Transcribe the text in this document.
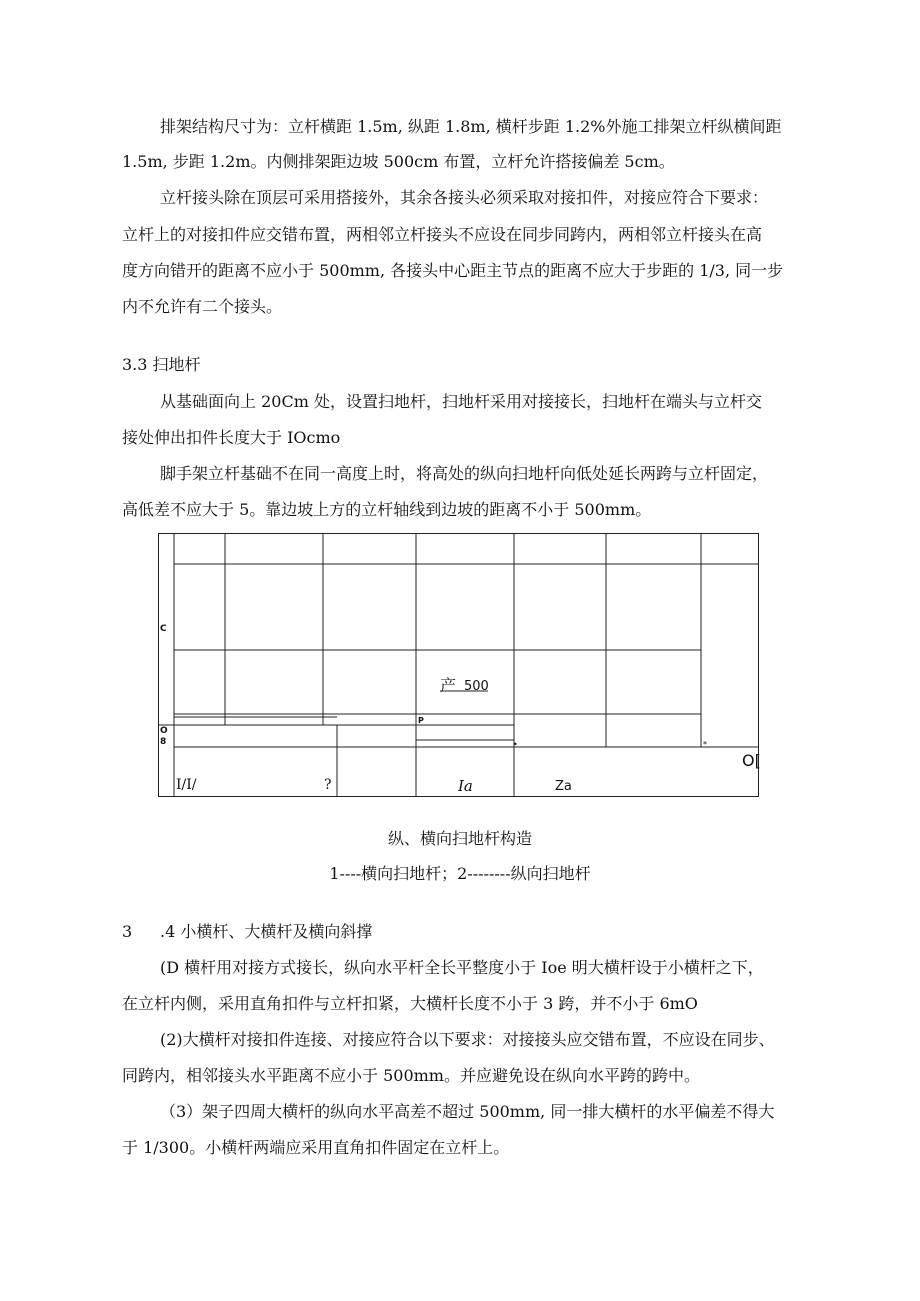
排架结构尺寸为：立杆横距 1.5m, 纵距 1.8m, 横杆步距 1.2%外施工排架立杆纵横间距
1.5m, 步距 1.2m。内侧排架距边坡 500cm 布置，立杆允许搭接偏差 5cm。
立杆接头除在顶层可采用搭接外，其余各接头必须采取对接扣件，对接应符合下要求：
立杆上的对接扣件应交错布置，两相邻立杆接头不应设在同步同跨内，两相邻立杆接头在高
度方向错开的距离不应小于 500mm, 各接头中心距主节点的距离不应大于步距的 1/3, 同一步
内不允许有二个接头。
3.3 扫地杆
从基础面向上 20Cm 处，设置扫地杆，扫地杆采用对接接长，扫地杆在端头与立杆交
接处伸出扣件长度大于 IOcmo
脚手架立杆基础不在同一高度上时，将高处的纵向扫地杆向低处延长两跨与立杆固定，
高低差不应大于 5。靠边坡上方的立杆轴线到边坡的距离不小于 500mm。
C
O
8
P
产 500
•	*
I/I/	?	Ia	Za
O[
纵、横向扫地杆构造
1----横向扫地杆；2--------纵向扫地杆
3 .4 小横杆、大横杆及横向斜撑
(D 横杆用对接方式接长，纵向水平杆全长平整度小于 Ioe 明大横杆设于小横杆之下，
在立杆内侧，采用直角扣件与立杆扣紧，大横杆长度不小于 3 跨，并不小于 6mO
(2)大横杆对接扣件连接、对接应符合以下要求：对接接头应交错布置，不应设在同步、
同跨内，相邻接头水平距离不应小于 500mm。并应避免设在纵向水平跨的跨中。
（3）架子四周大横杆的纵向水平高差不超过 500mm, 同一排大横杆的水平偏差不得大
于 1/300。小横杆两端应采用直角扣件固定在立杆上。
